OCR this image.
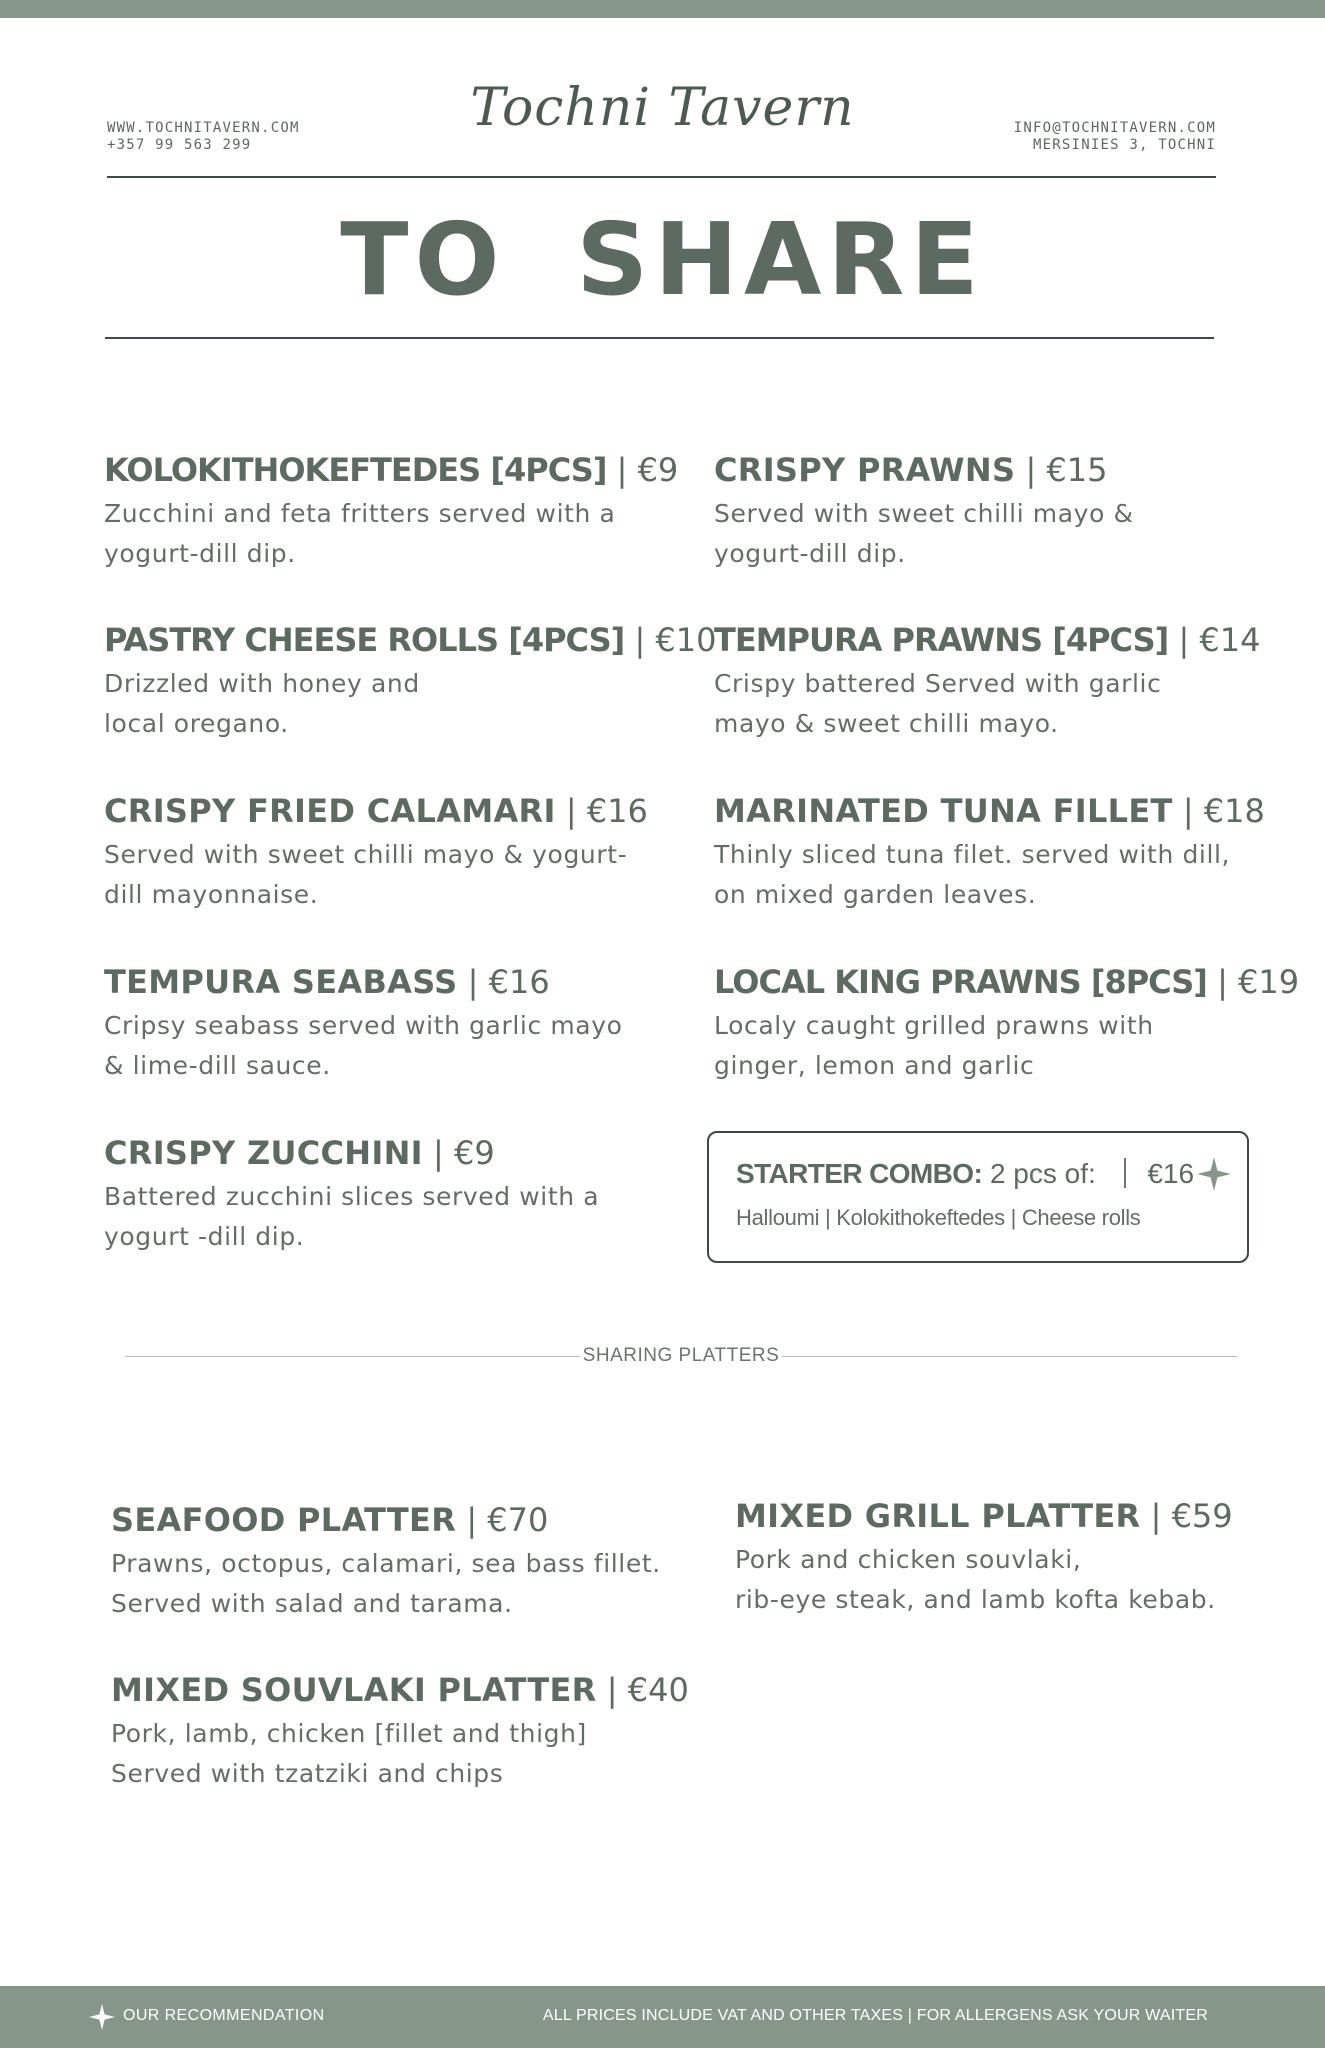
WWW.TOCHNITAVERN.COM
+357 99 563 299
Tochni Tavern	INFO@TOCHNITAVERN.COM
MERSINIES 3, TOCHNI
TO SHARE
KOLOKITHOKEFTEDES [4PCS] | €9
Zucchini and feta fritters served with a
yogurt-dill dip.
PASTRY CHEESE ROLLS [4PCS] | €10
Drizzled with honey and
local oregano.
CRISPY FRIED CALAMARI | €16
Served with sweet chilli mayo & yogurt-
dill mayonnaise.
TEMPURA SEABASS | €16
Cripsy seabass served with garlic mayo
& lime-dill sauce.
CRISPY ZUCCHINI | €9
Battered zucchini slices served with a
yogurt -dill dip.
CRISPY PRAWNS | €15
Served with sweet chilli mayo &
yogurt-dill dip.
TEMPURA PRAWNS [4PCS] | €14
Crispy battered Served with garlic
mayo & sweet chilli mayo.
MARINATED TUNA FILLET | €18
Thinly sliced tuna filet. served with dill,
on mixed garden leaves.
LOCAL KING PRAWNS [8PCS] | €19
Localy caught grilled prawns with
ginger, lemon and garlic
STARTER COMBO: 2 pcs of: €16
Halloumi | Kolokithokeftedes | Cheese rolls
SHARING PLATTERS
SEAFOOD PLATTER | €70
Prawns, octopus, calamari, sea bass fillet.
Served with salad and tarama.
MIXED SOUVLAKI PLATTER | €40
Pork, lamb, chicken [fillet and thigh]
Served with tzatziki and chips
MIXED GRILL PLATTER | €59
Pork and chicken souvlaki,
rib-eye steak, and lamb kofta kebab.
OUR RECOMMENDATION	ALL PRICES INCLUDE VAT AND OTHER TAXES | FOR ALLERGENS ASK YOUR WAITER
